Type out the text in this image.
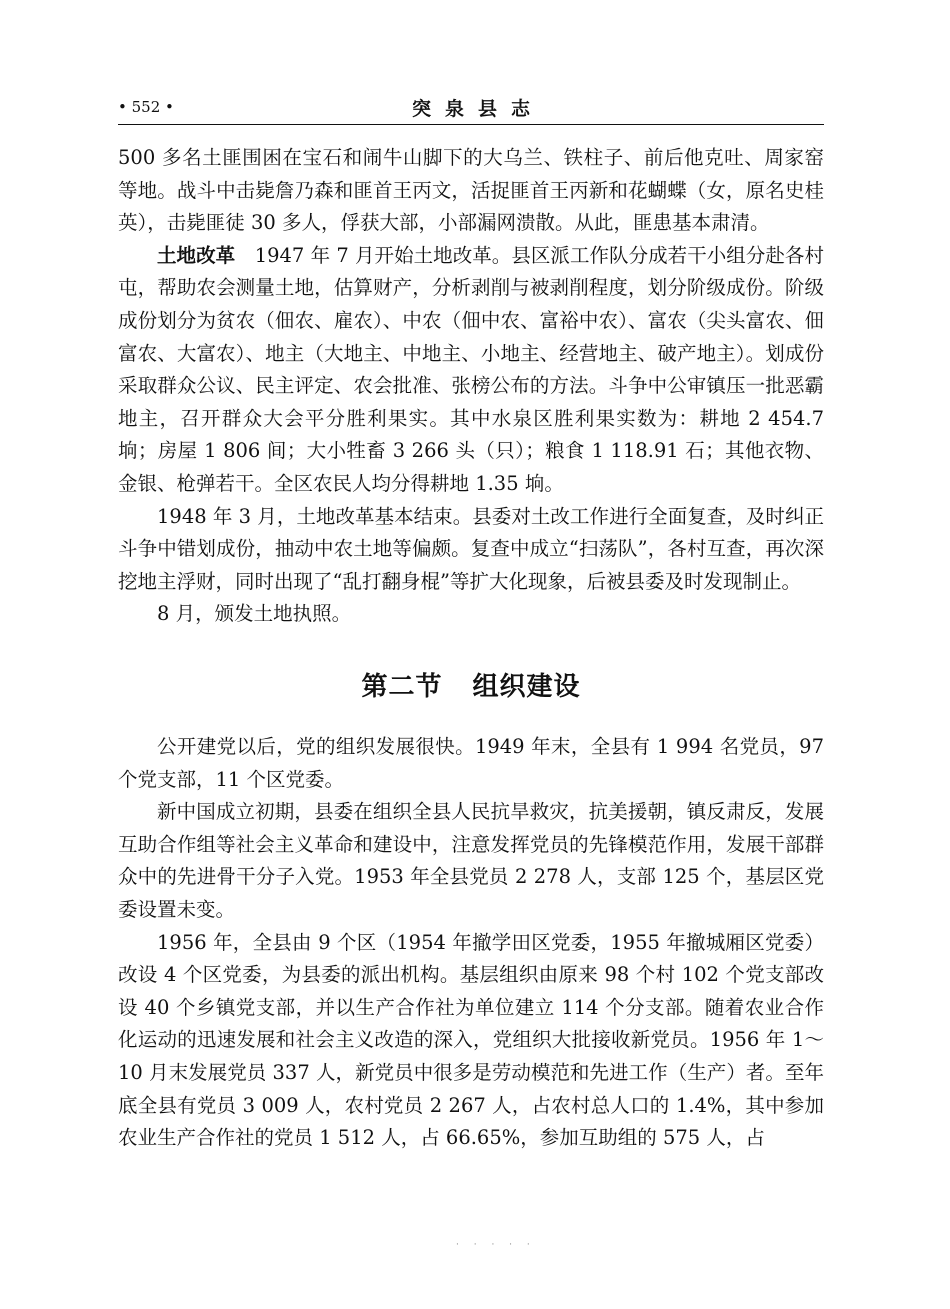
• 552 •	突泉县志

500 多名土匪围困在宝石和闹牛山脚下的大乌兰、铁柱子、前后他克吐、周家窑等地。战斗中击毙詹乃森和匪首王丙文，活捉匪首王丙新和花蝴蝶（女，原名史桂英），击毙匪徒 30 多人，俘获大部，小部漏网溃散。从此，匪患基本肃清。

土地改革　1947 年 7 月开始土地改革。县区派工作队分成若干小组分赴各村屯，帮助农会测量土地，估算财产，分析剥削与被剥削程度，划分阶级成份。阶级成份划分为贫农（佃农、雇农）、中农（佃中农、富裕中农）、富农（尖头富农、佃富农、大富农）、地主（大地主、中地主、小地主、经营地主、破产地主）。划成份采取群众公议、民主评定、农会批准、张榜公布的方法。斗争中公审镇压一批恶霸地主，召开群众大会平分胜利果实。其中水泉区胜利果实数为：耕地 2 454.7 垧；房屋 1 806 间；大小牲畜 3 266 头（只）；粮食 1 118.91 石；其他衣物、金银、枪弹若干。全区农民人均分得耕地 1.35 垧。

1948 年 3 月，土地改革基本结束。县委对土改工作进行全面复查，及时纠正斗争中错划成份，抽动中农土地等偏颇。复查中成立“扫荡队”，各村互查，再次深挖地主浮财，同时出现了“乱打翻身棍”等扩大化现象，后被县委及时发现制止。

8 月，颁发土地执照。

第二节 组织建设

公开建党以后，党的组织发展很快。1949 年末，全县有 1 994 名党员，97 个党支部，11 个区党委。

新中国成立初期，县委在组织全县人民抗旱救灾，抗美援朝，镇反肃反，发展互助合作组等社会主义革命和建设中，注意发挥党员的先锋模范作用，发展干部群众中的先进骨干分子入党。1953 年全县党员 2 278 人，支部 125 个，基层区党委设置未变。

1956 年，全县由 9 个区（1954 年撤学田区党委，1955 年撤城厢区党委）改设 4 个区党委，为县委的派出机构。基层组织由原来 98 个村 102 个党支部改设 40 个乡镇党支部，并以生产合作社为单位建立 114 个分支部。随着农业合作化运动的迅速发展和社会主义改造的深入，党组织大批接收新党员。1956 年 1～10 月末发展党员 337 人，新党员中很多是劳动模范和先进工作（生产）者。至年底全县有党员 3 009 人，农村党员 2 267 人，占农村总人口的 1.4%，其中参加农业生产合作社的党员 1 512 人，占 66.65%，参加互助组的 575 人，占

· · · · ·
